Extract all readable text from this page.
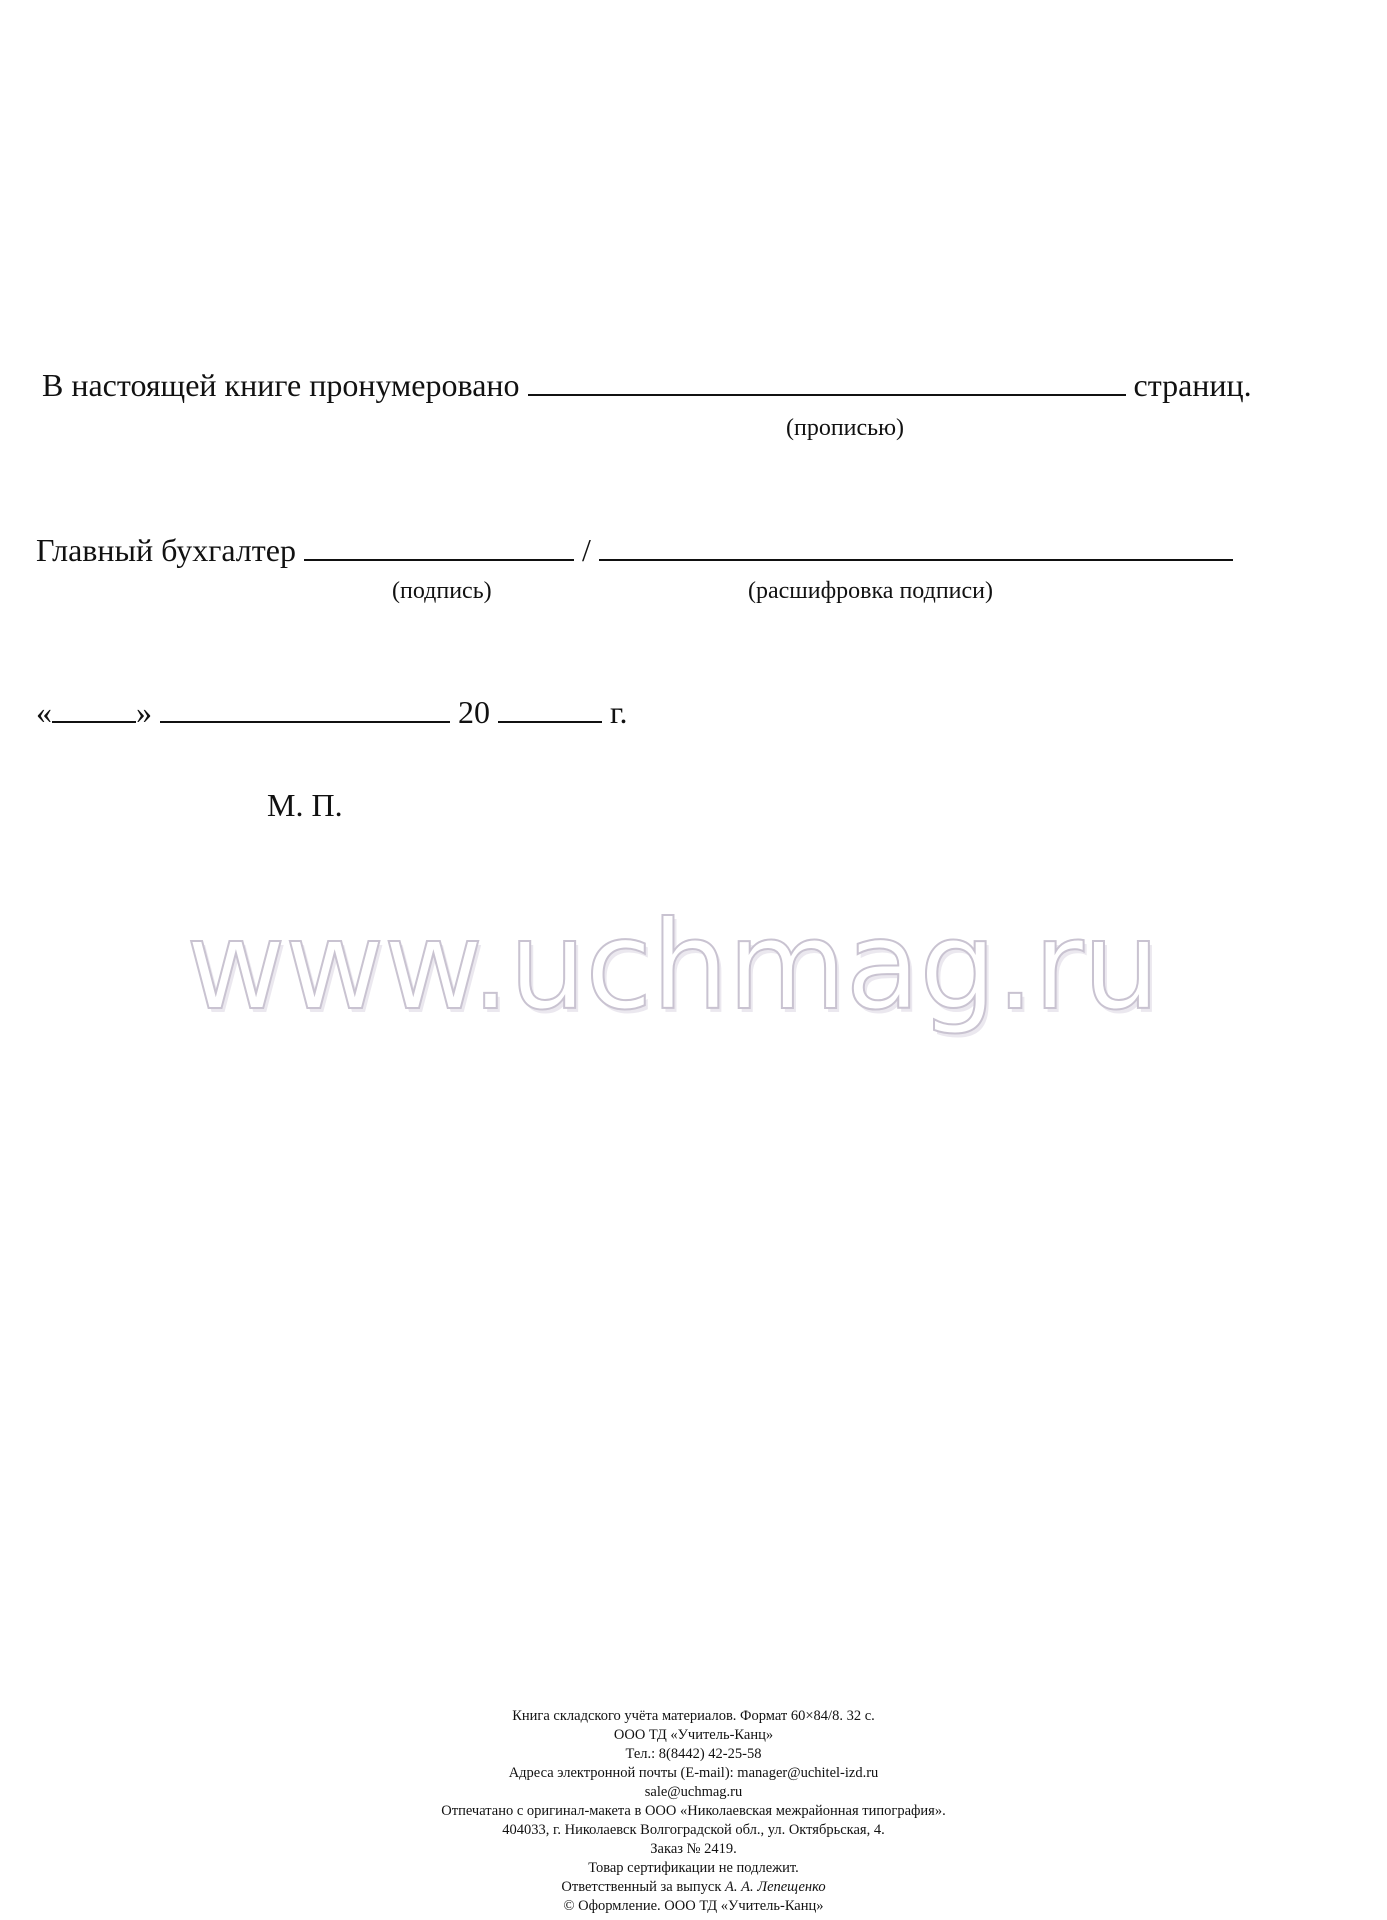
В настоящей книге пронумеровано	страниц.
(прописью)
Главный бухгалтер	/
(подпись)	(расшифровка подписи)
«	»	20	г.
М. П.
www.uchmag.ru
Книга складского учёта материалов. Формат 60×84/8. 32 с.
ООО ТД «Учитель-Канц»
Тел.: 8(8442) 42-25-58
Адреса электронной почты (E-mail): manager@uchitel-izd.ru
sale@uchmag.ru
Отпечатано с оригинал-макета в ООО «Николаевская межрайонная типография».
404033, г. Николаевск Волгоградской обл., ул. Октябрьская, 4.
Заказ № 2419.
Товар сертификации не подлежит.
Ответственный за выпуск А. А. Лепещенко
© Оформление. ООО ТД «Учитель-Канц»
